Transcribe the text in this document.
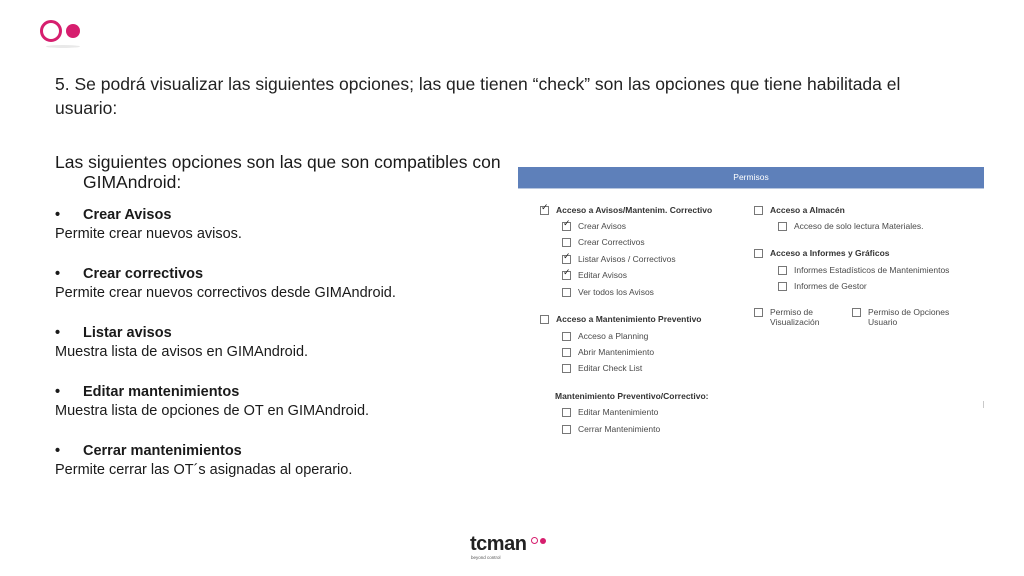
5. Se podrá visualizar las siguientes opciones; las que tienen “check” son las opciones que tiene habilitada el usuario:

Las siguientes opciones son las que son compatibles con
GIMAndroid:

• Crear Avisos
Permite crear nuevos avisos.
• Crear correctivos
Permite crear nuevos correctivos desde GIMAndroid.
• Listar avisos
Muestra lista de avisos en GIMAndroid.
• Editar mantenimientos
Muestra lista de opciones de OT en GIMAndroid.
• Cerrar mantenimientos
Permite cerrar las OT´s asignadas al operario.
Permisos
✓
Acceso a Avisos/Mantenim. Correctivo
✓
Crear Avisos
Crear Correctivos
✓
Listar Avisos / Correctivos
✓
Editar Avisos
Ver todos los Avisos
Acceso a Mantenimiento Preventivo
Acceso a Planning
Abrir Mantenimiento
Editar Check List
Mantenimiento Preventivo/Correctivo:
Editar Mantenimiento
Cerrar Mantenimiento
Acceso a Almacén
Acceso de solo lectura Materiales.
Acceso a Informes y Gráficos
Informes Estadísticos de Mantenimientos
Informes de Gestor
Permiso de
Visualización
Permiso de Opciones
Usuario
tcman
beyond control
